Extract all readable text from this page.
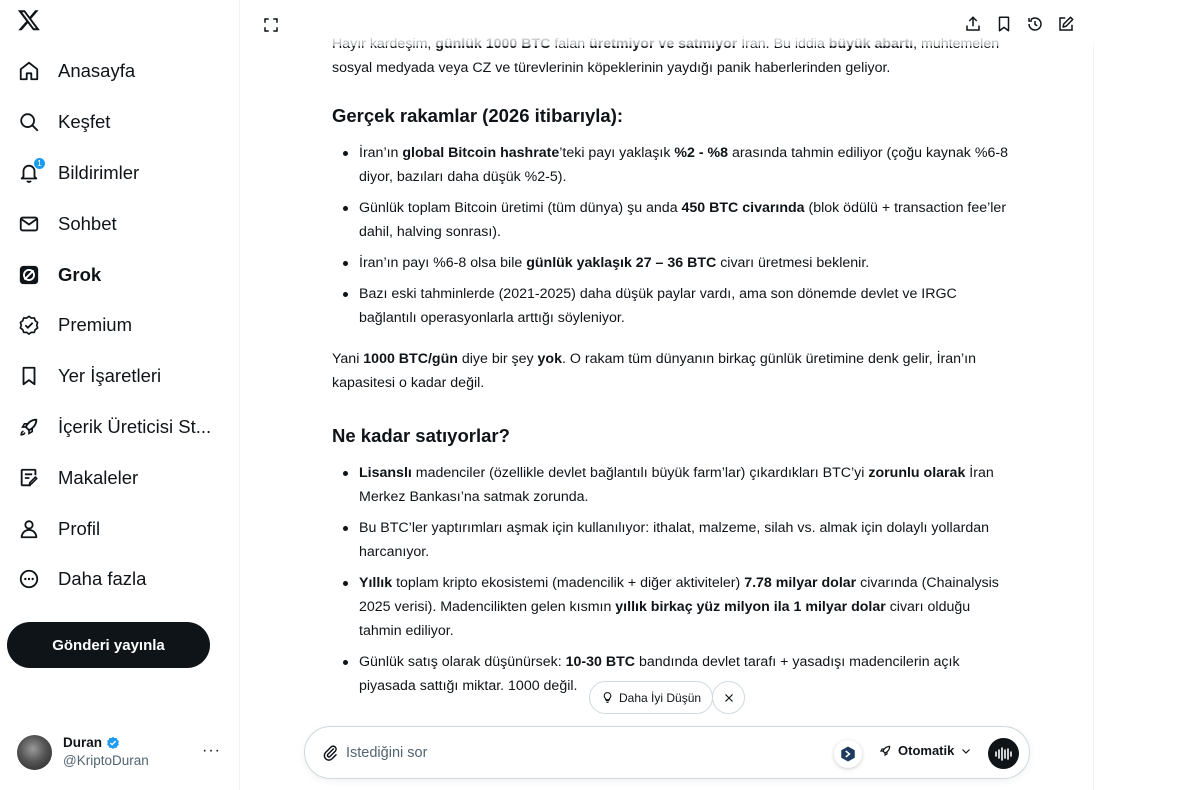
Anasayfa
Keşfet
1 Bildirimler
Sohbet
Grok
Premium
Yer İşaretleri
İçerik Üreticisi St...
Makaleler
Profil
Daha fazla
Gönderi yayınla
Duran
@KriptoDuran
···

sosyal medyada veya CZ ve türevlerinin köpeklerinin yaydığı panik haberlerinden geliyor.

Gerçek rakamlar (2026 itibarıyla):
İran’ın global Bitcoin hashrate’teki payı yaklaşık %2 - %8 arasında tahmin ediliyor (çoğu kaynak %6-8 diyor, bazıları daha düşük %2-5).
Günlük toplam Bitcoin üretimi (tüm dünya) şu anda 450 BTC civarında (blok ödülü + transaction fee’ler dahil, halving sonrası).
İran’ın payı %6-8 olsa bile günlük yaklaşık 27 – 36 BTC civarı üretmesi beklenir.
Bazı eski tahminlerde (2021-2025) daha düşük paylar vardı, ama son dönemde devlet ve IRGC bağlantılı operasyonlarla arttığı söyleniyor.

Yani 1000 BTC/gün diye bir şey yok. O rakam tüm dünyanın birkaç günlük üretimine denk gelir, İran’ın kapasitesi o kadar değil.

Ne kadar satıyorlar?
Lisanslı madenciler (özellikle devlet bağlantılı büyük farm’lar) çıkardıkları BTC’yi zorunlu olarak İran Merkez Bankası’na satmak zorunda.
Bu BTC’ler yaptırımları aşmak için kullanılıyor: ithalat, malzeme, silah vs. almak için dolaylı yollardan harcanıyor.
Yıllık toplam kripto ekosistemi (madencilik + diğer aktiviteler) 7.78 milyar dolar civarında (Chainalysis 2025 verisi). Madencilikten gelen kısmın yıllık birkaç yüz milyon ila 1 milyar dolar civarı olduğu tahmin ediliyor.
Günlük satış olarak düşünürsek: 10-30 BTC bandında devlet tarafı + yasadışı madencilerin açık piyasada sattığı miktar. 1000 değil.
Daha İyi Düşün
İstediğini sor
Otomatik
